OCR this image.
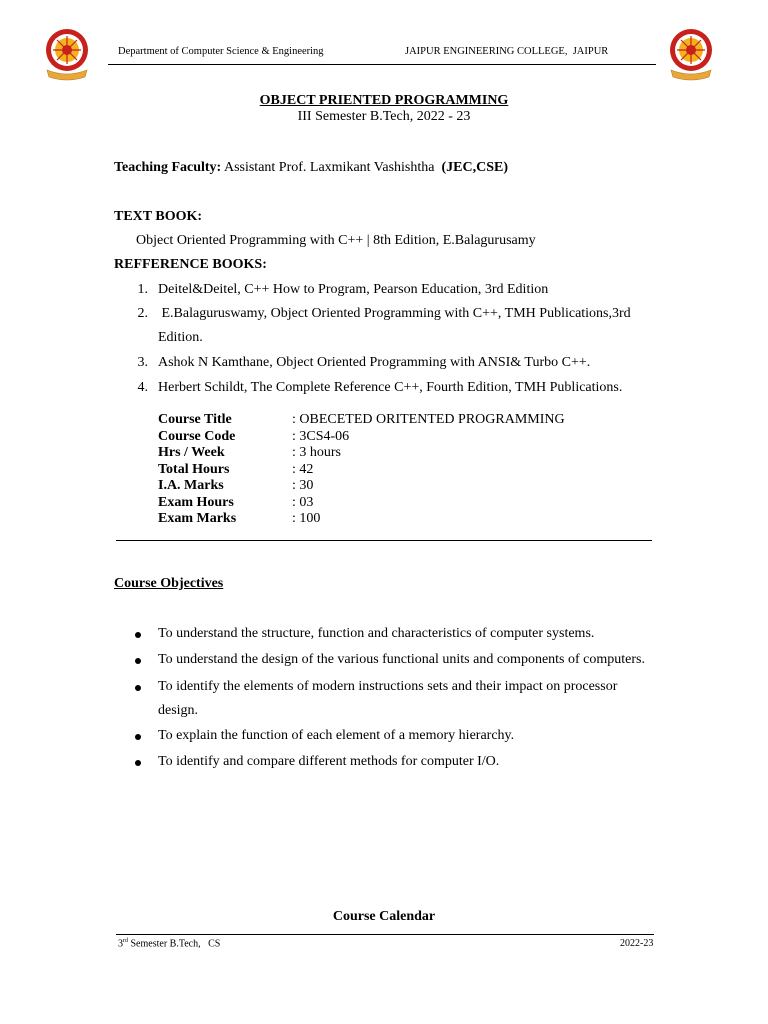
Department of Computer Science & Engineering	JAIPUR ENGINEERING COLLEGE,  JAIPUR
OBJECT PRIENTED PROGRAMMING
III Semester B.Tech, 2022 - 23
Teaching Faculty: Assistant Prof. Laxmikant Vashishtha (JEC,CSE)
TEXT BOOK:
Object Oriented Programming with C++ | 8th Edition, E.Balagurusamy
REFFERENCE BOOKS:
1. Deitel&Deitel, C++ How to Program, Pearson Education, 3rd Edition
2. E.Balaguruswamy, Object Oriented Programming with C++, TMH Publications,3rd
Edition.
3. Ashok N Kamthane, Object Oriented Programming with ANSI& Turbo C++.
4. Herbert Schildt, The Complete Reference C++, Fourth Edition, TMH Publications.
Course Title	: OBECETED ORITENTED PROGRAMMING
Course Code	: 3CS4-06
Hrs / Week	: 3 hours
Total Hours	: 42
I.A. Marks	: 30
Exam Hours	: 03
Exam Marks	: 100
Course Objectives
To understand the structure, function and characteristics of computer systems.
To understand the design of the various functional units and components of computers.
To identify the elements of modern instructions sets and their impact on processor
design.
To explain the function of each element of a memory hierarchy.
To identify and compare different methods for computer I/O.
Course Calendar
3rd Semester B.Tech,   CS	2022-23
